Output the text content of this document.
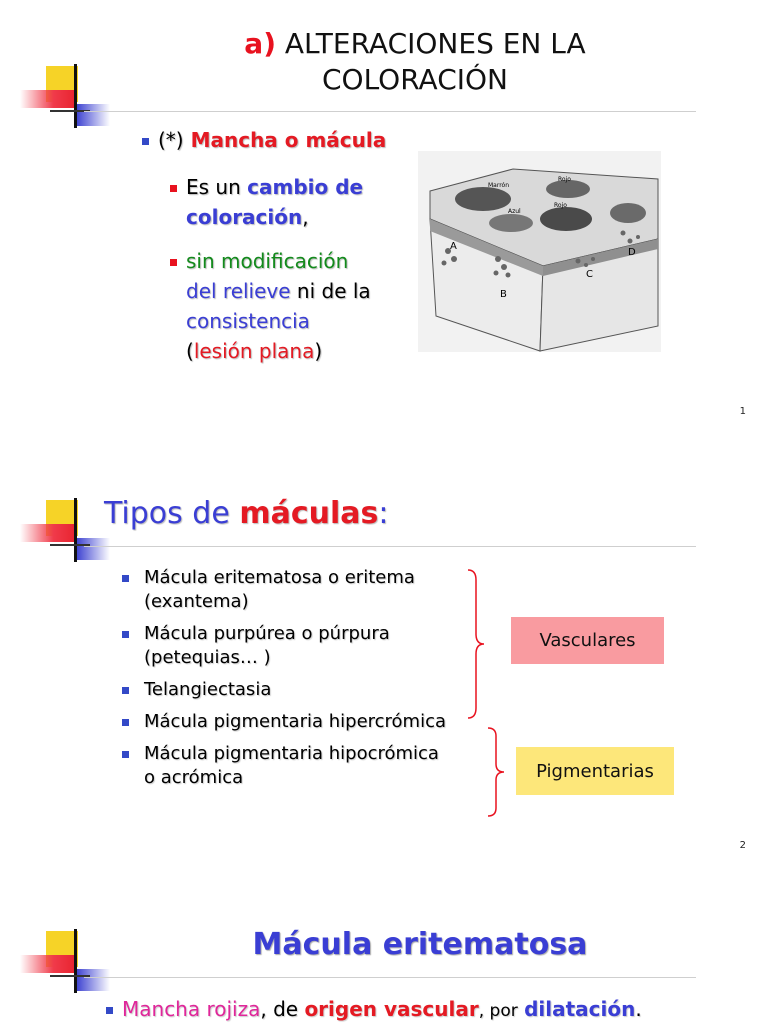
a) ALTERACIONES EN LA
COLORACIÓN
(*) Mancha o mácula
Es un cambio de
coloración,
sin modificación
del relieve ni de la
consistencia
(lesión plana)
Marrón
Rojo
Azul
Rojo
A
B
C
D
1
Tipos de máculas:
Mácula eritematosa o eritema
(exantema)
Mácula purpúrea o púrpura
(petequias… )
Telangiectasia
Mácula pigmentaria hipercrómica
Mácula pigmentaria hipocrómica
o acrómica
Vasculares
Pigmentarias
2
Mácula eritematosa
Mancha rojiza, de origen vascular, por dilatación.
